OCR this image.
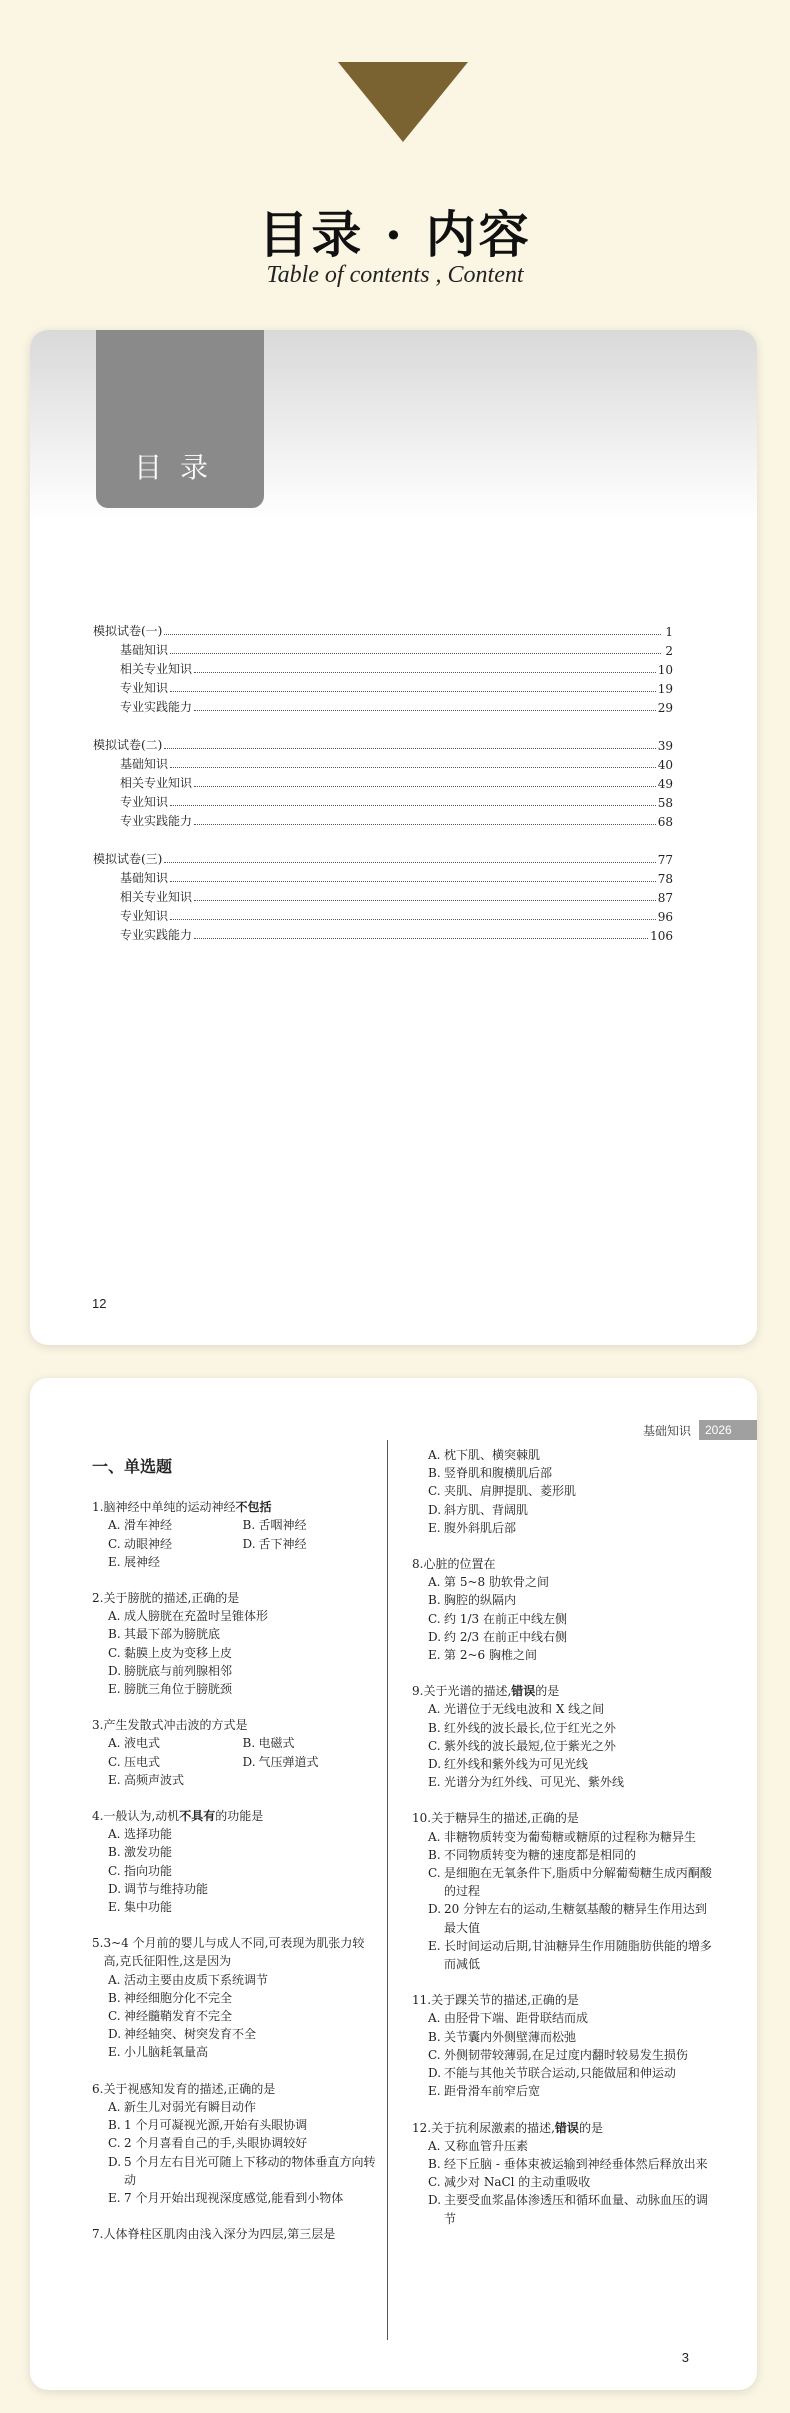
目录 · 内容
Table of contents , Content
目录
模拟试卷(一)	1
基础知识	2
相关专业知识	10
专业知识	19
专业实践能力	29
模拟试卷(二)	39
基础知识	40
相关专业知识	49
专业知识	58
专业实践能力	68
模拟试卷(三)	77
基础知识	78
相关专业知识	87
专业知识	96
专业实践能力	106
12
基础知识	2026
一、单选题
1. 脑神经中单纯的运动神经不包括
A. 滑车神经	B. 舌咽神经
C. 动眼神经	D. 舌下神经
E. 展神经
2. 关于膀胱的描述,正确的是
A. 成人膀胱在充盈时呈锥体形
B. 其最下部为膀胱底
C. 黏膜上皮为变移上皮
D. 膀胱底与前列腺相邻
E. 膀胱三角位于膀胱颈
3. 产生发散式冲击波的方式是
A. 液电式	B. 电磁式
C. 压电式	D. 气压弹道式
E. 高频声波式
4. 一般认为,动机不具有的功能是
A. 选择功能
B. 激发功能
C. 指向功能
D. 调节与维持功能
E. 集中功能
5. 3~4 个月前的婴儿与成人不同,可表现为肌张力较高,克氏征阳性,这是因为
A. 活动主要由皮质下系统调节
B. 神经细胞分化不完全
C. 神经髓鞘发育不完全
D. 神经轴突、树突发育不全
E. 小儿脑耗氧量高
6. 关于视感知发育的描述,正确的是
A. 新生儿对弱光有瞬目动作
B. 1 个月可凝视光源,开始有头眼协调
C. 2 个月喜看自己的手,头眼协调较好
D. 5 个月左右目光可随上下移动的物体垂直方向转动
E. 7 个月开始出现视深度感觉,能看到小物体
7. 人体脊柱区肌肉由浅入深分为四层,第三层是
A. 枕下肌、横突棘肌
B. 竖脊肌和腹横肌后部
C. 夹肌、肩胛提肌、菱形肌
D. 斜方肌、背阔肌
E. 腹外斜肌后部
8. 心脏的位置在
A. 第 5~8 肋软骨之间
B. 胸腔的纵隔内
C. 约 1/3 在前正中线左侧
D. 约 2/3 在前正中线右侧
E. 第 2~6 胸椎之间
9. 关于光谱的描述,错误的是
A. 光谱位于无线电波和 X 线之间
B. 红外线的波长最长,位于红光之外
C. 紫外线的波长最短,位于紫光之外
D. 红外线和紫外线为可见光线
E. 光谱分为红外线、可见光、紫外线
10. 关于糖异生的描述,正确的是
A. 非糖物质转变为葡萄糖或糖原的过程称为糖异生
B. 不同物质转变为糖的速度都是相同的
C. 是细胞在无氧条件下,脂质中分解葡萄糖生成丙酮酸的过程
D. 20 分钟左右的运动,生糖氨基酸的糖异生作用达到最大值
E. 长时间运动后期,甘油糖异生作用随脂肪供能的增多而减低
11. 关于踝关节的描述,正确的是
A. 由胫骨下端、距骨联结而成
B. 关节囊内外侧壁薄而松弛
C. 外侧韧带较薄弱,在足过度内翻时较易发生损伤
D. 不能与其他关节联合运动,只能做屈和伸运动
E. 距骨滑车前窄后宽
12. 关于抗利尿激素的描述,错误的是
A. 又称血管升压素
B. 经下丘脑 - 垂体束被运输到神经垂体然后释放出来
C. 减少对 NaCl 的主动重吸收
D. 主要受血浆晶体渗透压和循环血量、动脉血压的调节
3
